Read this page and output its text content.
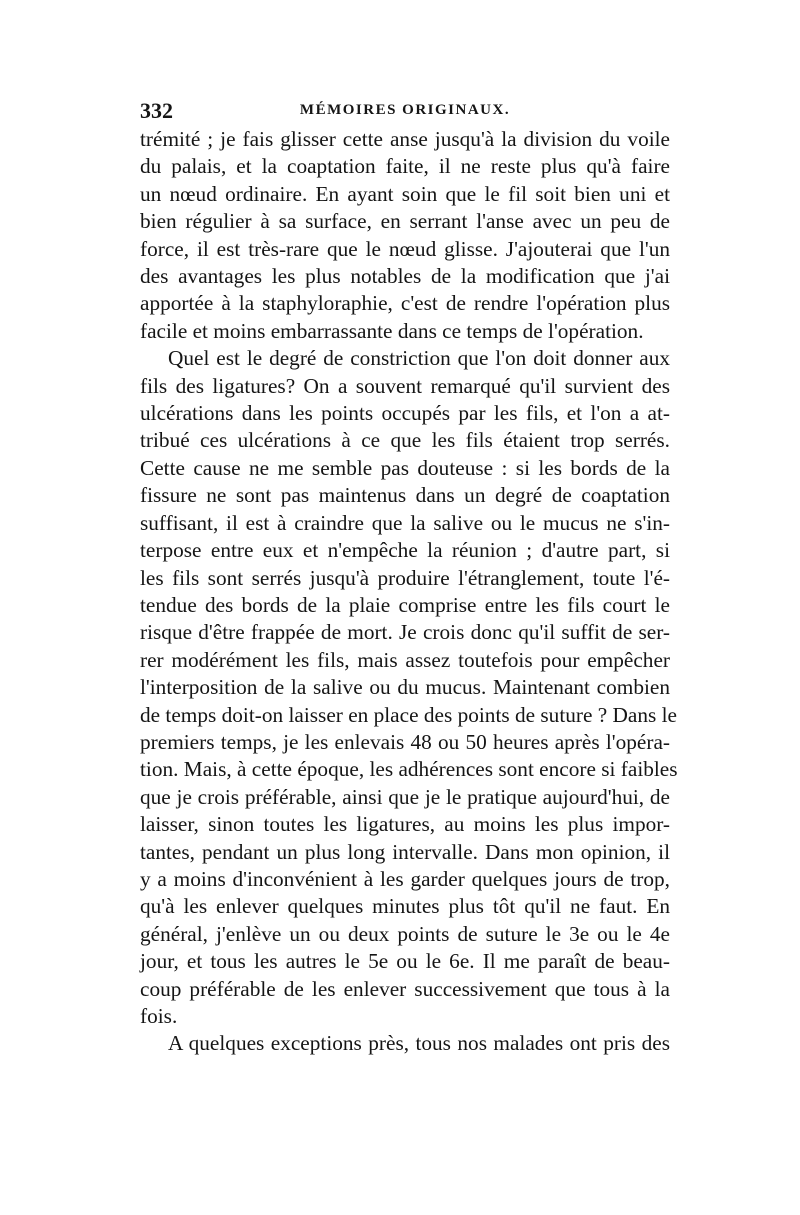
332	MÉMOIRES ORIGINAUX.
trémité ; je fais glisser cette anse jusqu'à la division du voile
du palais, et la coaptation faite, il ne reste plus qu'à faire
un nœud ordinaire. En ayant soin que le fil soit bien uni et
bien régulier à sa surface, en serrant l'anse avec un peu de
force, il est très-rare que le nœud glisse. J'ajouterai que l'un
des avantages les plus notables de la modification que j'ai
apportée à la staphyloraphie, c'est de rendre l'opération plus
facile et moins embarrassante dans ce temps de l'opération.
Quel est le degré de constriction que l'on doit donner aux
fils des ligatures? On a souvent remarqué qu'il survient des
ulcérations dans les points occupés par les fils, et l'on a at-
tribué ces ulcérations à ce que les fils étaient trop serrés.
Cette cause ne me semble pas douteuse : si les bords de la
fissure ne sont pas maintenus dans un degré de coaptation
suffisant, il est à craindre que la salive ou le mucus ne s'in-
terpose entre eux et n'empêche la réunion ; d'autre part, si
les fils sont serrés jusqu'à produire l'étranglement, toute l'é-
tendue des bords de la plaie comprise entre les fils court le
risque d'être frappée de mort. Je crois donc qu'il suffit de ser-
rer modérément les fils, mais assez toutefois pour empêcher
l'interposition de la salive ou du mucus. Maintenant combien
de temps doit-on laisser en place des points de suture ? Dans le
premiers temps, je les enlevais 48 ou 50 heures après l'opéra-
tion. Mais, à cette époque, les adhérences sont encore si faibles
que je crois préférable, ainsi que je le pratique aujourd'hui, de
laisser, sinon toutes les ligatures, au moins les plus impor-
tantes, pendant un plus long intervalle. Dans mon opinion, il
y a moins d'inconvénient à les garder quelques jours de trop,
qu'à les enlever quelques minutes plus tôt qu'il ne faut. En
général, j'enlève un ou deux points de suture le 3e ou le 4e
jour, et tous les autres le 5e ou le 6e. Il me paraît de beau-
coup préférable de les enlever successivement que tous à la
fois.
A quelques exceptions près, tous nos malades ont pris des
